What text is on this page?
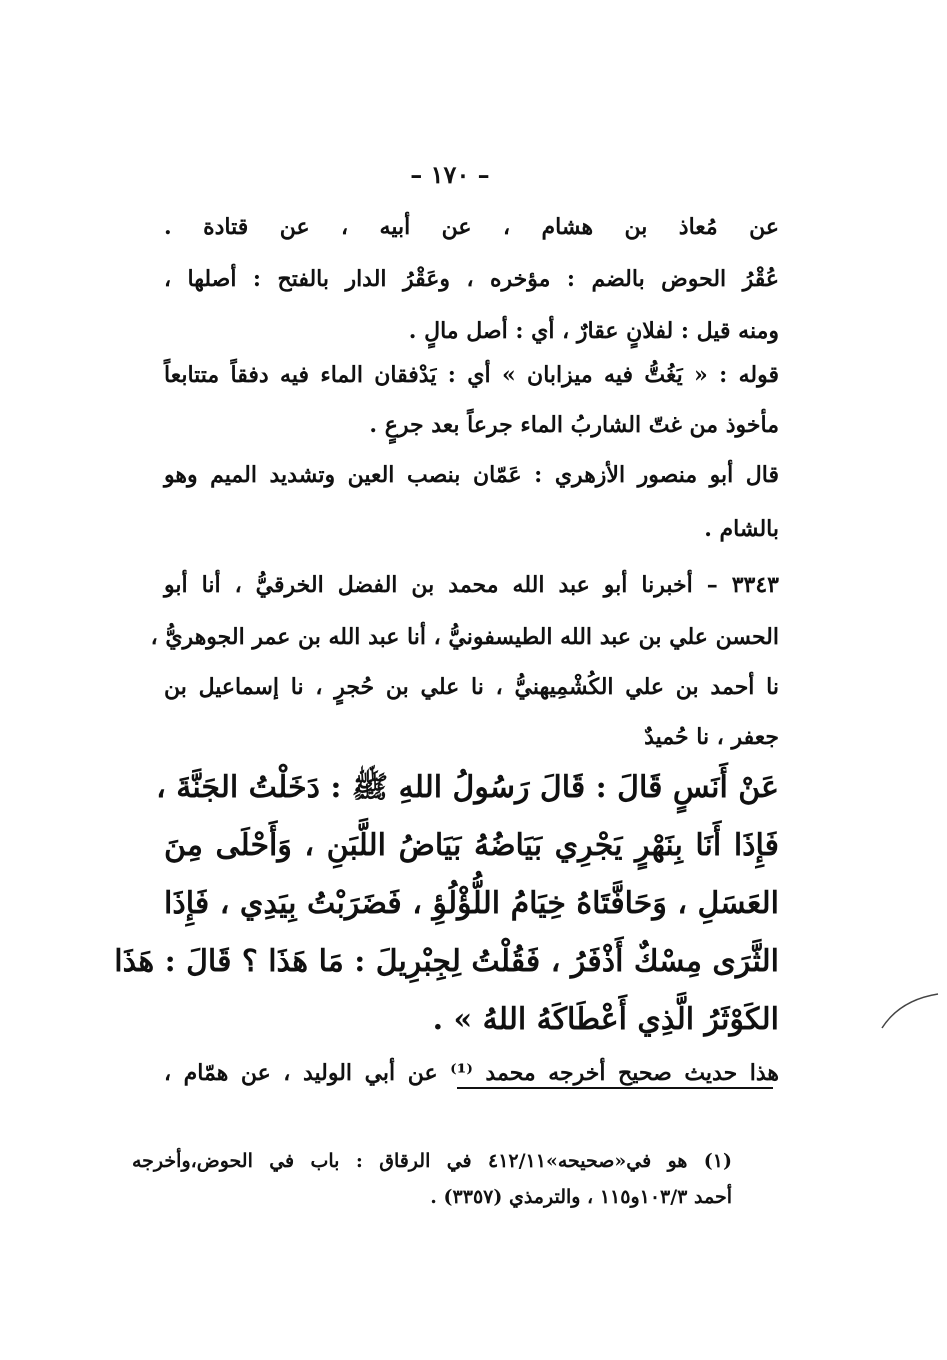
– ١٧٠ –
عن مُعاذ بن هشام ، عن أبيه ، عن قتادة .
عُقْرُ الحوض بالضم : مؤخره ، وعَقْرُ الدار بالفتح : أصلها ،
ومنه قيل : لفلانٍ عقارٌ ، أي : أصل مالٍ .
قوله : « يَغُتُّ فيه ميزابان » أي : يَدْفقان الماء فيه دفقاً متتابعاً
مأخوذ من غتّ الشاربُ الماء جرعاً بعد جرعٍ .
قال أبو منصور الأزهري : عَمّان بنصب العين وتشديد الميم وهو
بالشام .
٣٣٤٣ – أخبرنا أبو عبد الله محمد بن الفضل الخرقيُّ ، أنا أبو
الحسن علي بن عبد الله الطيسفونيُّ ، أنا عبد الله بن عمر الجوهريُّ ،
نا أحمد بن علي الكُشْمِيهنيُّ ، نا علي بن حُجرٍ ، نا إسماعيل بن
جعفر ، نا حُميدٌ
عَنْ أَنَسٍ قَالَ : قَالَ رَسُولُ اللهِ ﷺ : دَخَلْتُ الجَنَّةَ ،
فَإِذَا أَنَا بِنَهْرٍ يَجْرِي بَيَاضُهُ بَيَاضُ اللَّبَنِ ، وَأَحْلَى مِنَ
العَسَلِ ، وَحَافَّتَاهُ خِيَامُ اللُّؤْلُؤِ ، فَضَرَبْتُ بِيَدِي ، فَإِذَا
الثَّرَى مِسْكٌ أَذْفَرُ ، فَقُلْتُ لِجِبْرِيلَ : مَا هَذَا ؟ قَالَ : هَذَا
الكَوْثَرُ الَّذِي أَعْطَاكَهُ اللهُ » .
هذا حديث صحيح أخرجه محمد ⁽¹⁾ عن أبي الوليد ، عن همّام ،
(١) هو في«صحيحه»٤١٢/١١ في الرقاق : باب في الحوض،وأخرجه
أحمد ١٠٣/٣و١١٥ ، والترمذي (٣٣٥٧) .
